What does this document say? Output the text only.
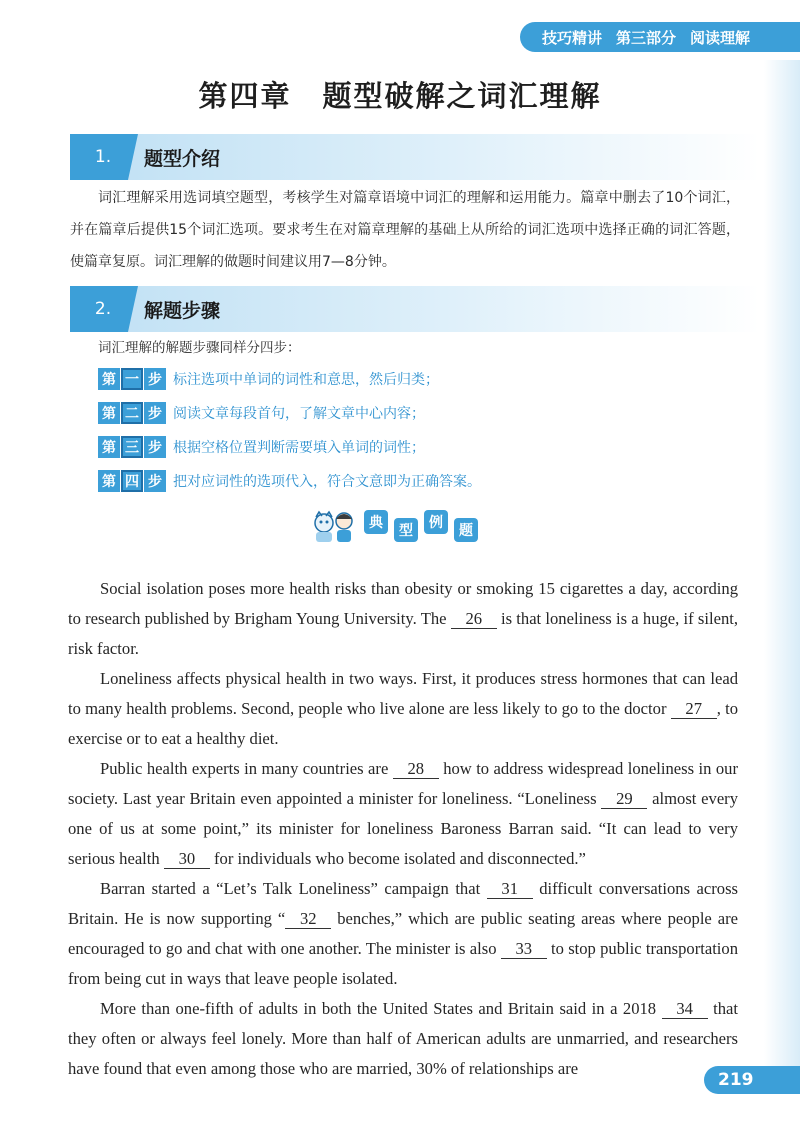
技巧精讲 第三部分 阅读理解
第四章　题型破解之词汇理解
1.	题型介绍

词汇理解采用选词填空题型，考核学生对篇章语境中词汇的理解和运用能力。篇章中删去了10个词汇，并在篇章后提供15个词汇选项。要求考生在对篇章理解的基础上从所给的词汇选项中选择正确的词汇答题，使篇章复原。词汇理解的做题时间建议用7—8分钟。

2.	解题步骤

词汇理解的解题步骤同样分四步：

第 一 步 标注选项中单词的词性和意思，然后归类；
第 二 步 阅读文章每段首句，了解文章中心内容；
第 三 步 根据空格位置判断需要填入单词的词性；
第 四 步 把对应词性的选项代入，符合文意即为正确答案。
典	型	例	题

Social isolation poses more health risks than obesity or smoking 15 cigarettes a day, according to research published by Brigham Young University. The 26 is that loneliness is a huge, if silent, risk factor.

Loneliness affects physical health in two ways. First, it produces stress hormones that can lead to many health problems. Second, people who live alone are less likely to go to the doctor 27 , to exercise or to eat a healthy diet.

Public health experts in many countries are 28 how to address widespread loneliness in our society. Last year Britain even appointed a minister for loneliness. “Loneliness 29 almost every one of us at some point,” its minister for loneliness Baroness Barran said. “It can lead to very serious health 30 for individuals who become isolated and disconnected.”

Barran started a “Let’s Talk Loneliness” campaign that 31 difficult conversations across Britain. He is now supporting “ 32 benches,” which are public seating areas where people are encouraged to go and chat with one another. The minister is also 33 to stop public transportation from being cut in ways that leave people isolated.

More than one-fifth of adults in both the United States and Britain said in a 2018 34 that they often or always feel lonely. More than half of American adults are unmarried, and researchers have found that even among those who are married, 30% of relationships are

219
